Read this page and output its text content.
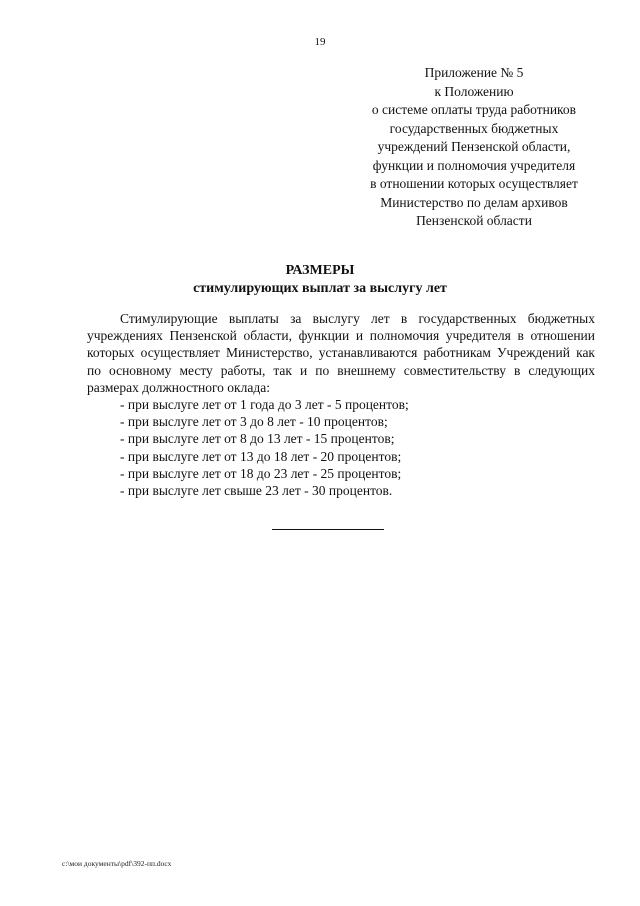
19
Приложение № 5
к Положению
о системе оплаты труда работников
государственных бюджетных
учреждений Пензенской области,
функции и полномочия учредителя
в отношении которых осуществляет
Министерство по делам архивов
Пензенской области
РАЗМЕРЫ
стимулирующих выплат за выслугу лет

Стимулирующие выплаты за выслугу лет в государственных бюджетных учреждениях Пензенской области, функции и полномочия учредителя в отношении которых осуществляет Министерство, устанавливаются работникам Учреждений как по основному месту работы, так и по внешнему совместительству в следующих размерах должностного оклада:

- при выслуге лет от 1 года до 3 лет - 5 процентов;
- при выслуге лет от 3 до 8 лет - 10 процентов;
- при выслуге лет от 8 до 13 лет - 15 процентов;
- при выслуге лет от 13 до 18 лет - 20 процентов;
- при выслуге лет от 18 до 23 лет - 25 процентов;
- при выслуге лет свыше 23 лет - 30 процентов.
c:\мои документы\pdf\392-пп.docx
